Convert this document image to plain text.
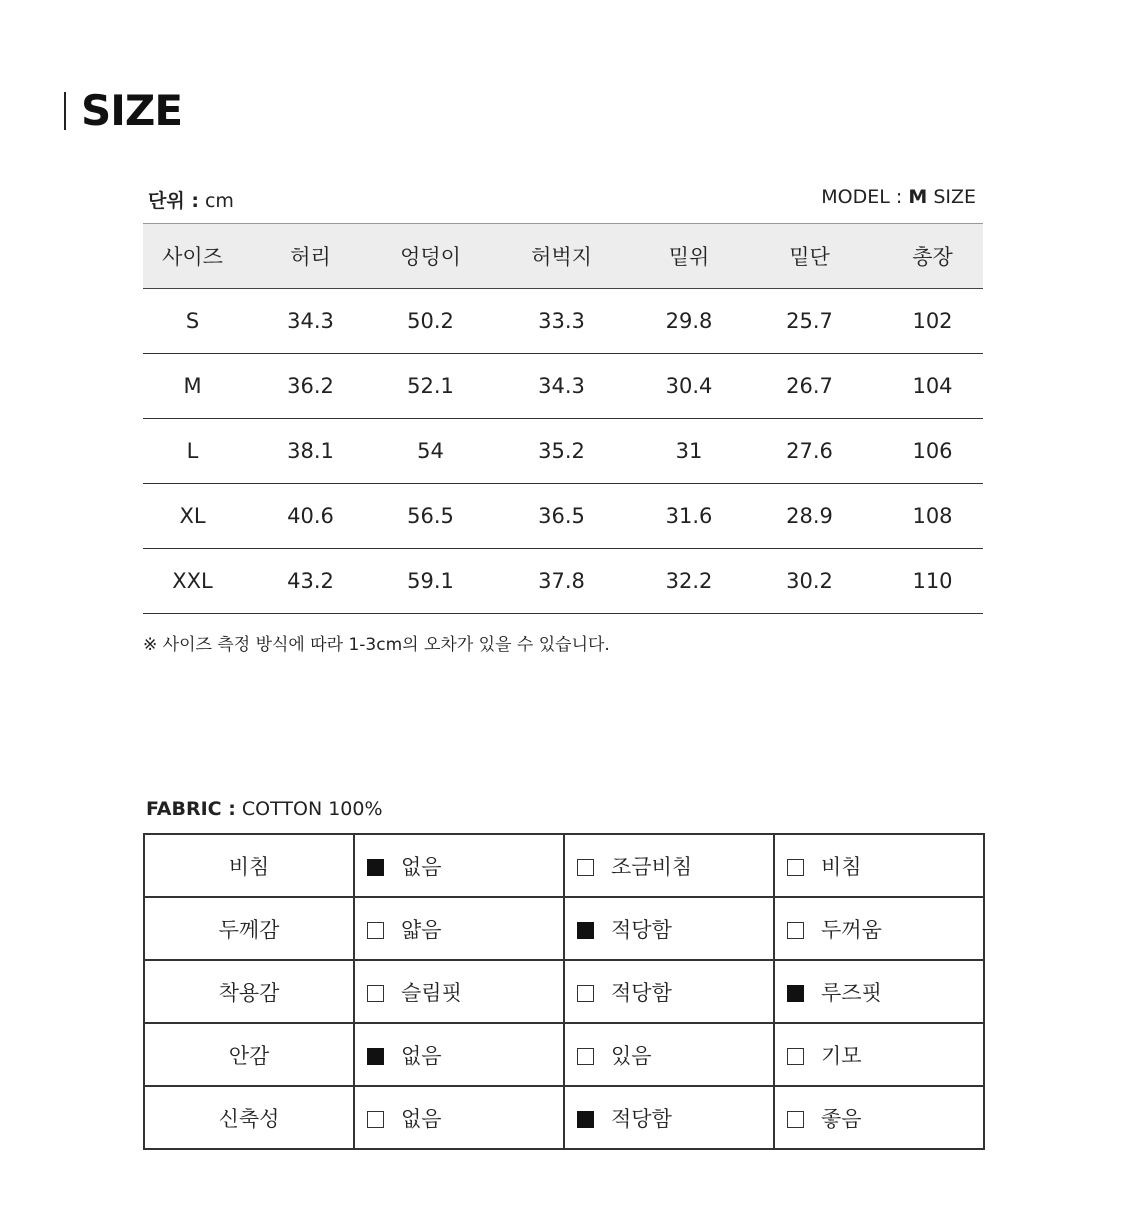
SIZE
단위 : cm	MODEL : M SIZE
사이즈	허리	엉덩이	허벅지	밑위	밑단	총장
S	34.3	50.2	33.3	29.8	25.7	102
M	36.2	52.1	34.3	30.4	26.7	104
L	38.1	54	35.2	31	27.6	106
XL	40.6	56.5	36.5	31.6	28.9	108
XXL	43.2	59.1	37.8	32.2	30.2	110
※ 사이즈 측정 방식에 따라 1-3cm의 오차가 있을 수 있습니다.
FABRIC : COTTON 100%
비침	없음	조금비침	비침
두께감	얇음	적당함	두꺼움
착용감	슬림핏	적당함	루즈핏
안감	없음	있음	기모
신축성	없음	적당함	좋음
